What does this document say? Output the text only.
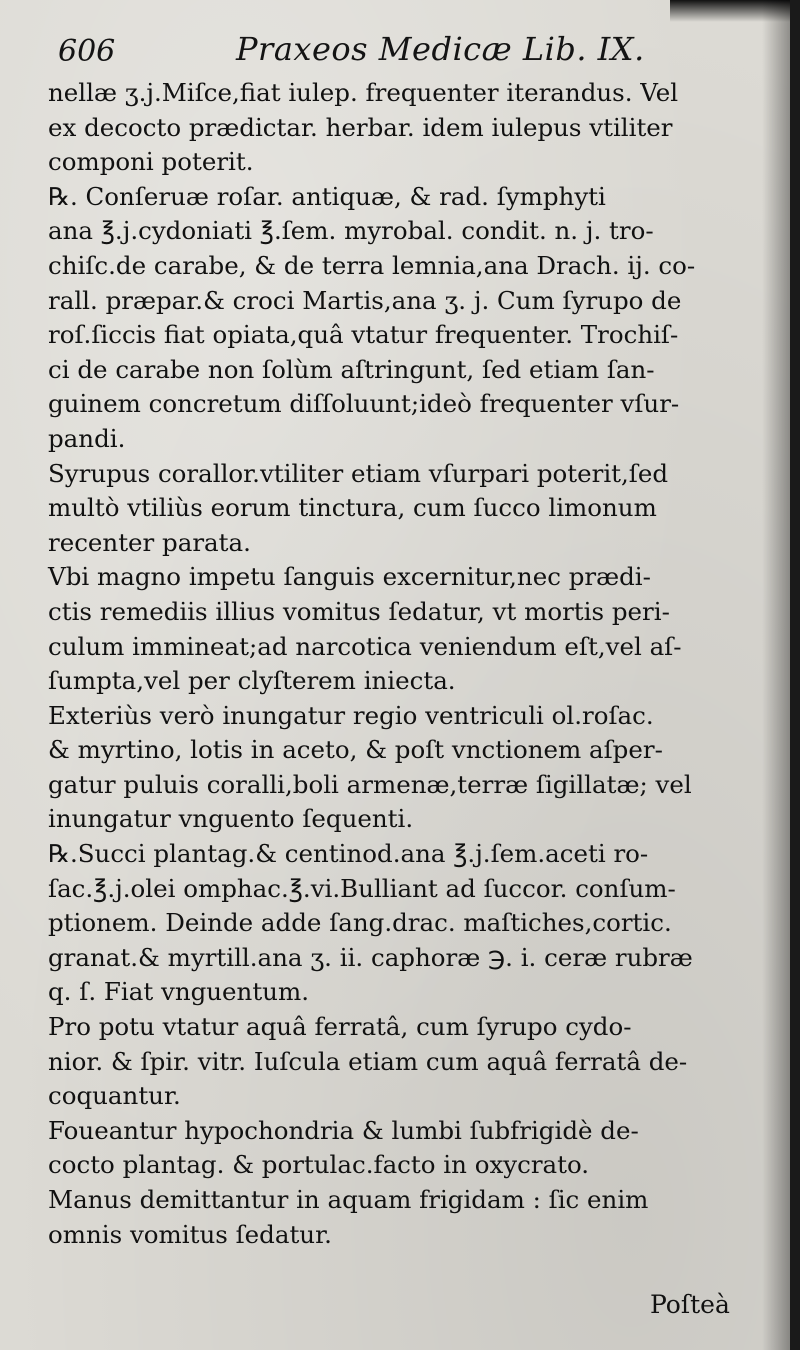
606	Praxeos Medicæ Lib. IX.
nellæ ʒ.j.Miſce,fiat iulep. frequenter iterandus. Vel
ex decocto prædictar. herbar. idem iulepus vtiliter
componi poterit.
℞. Conſeruæ roſar. antiquæ, & rad. ſymphyti
ana ℥.j.cydoniati ℥.ſem. myrobal. condit. n. j. tro-
chiſc.de carabe, & de terra lemnia,ana Drach. ij. co-
rall. præpar.& croci Martis,ana ʒ. j. Cum ſyrupo de
roſ.ſiccis fiat opiata,quâ vtatur frequenter. Trochiſ-
ci de carabe non ſolùm aſtringunt, ſed etiam ſan-
guinem concretum diſſoluunt;ideò frequenter vſur-
pandi.
Syrupus corallor.vtiliter etiam vſurpari poterit,ſed
multò vtiliùs eorum tinctura, cum ſucco limonum
recenter parata.
Vbi magno impetu ſanguis excernitur,nec prædi-
ctis remediis illius vomitus ſedatur, vt mortis peri-
culum immineat;ad narcotica veniendum eſt,vel aſ-
ſumpta,vel per clyſterem iniecta.
Exteriùs verò inungatur regio ventriculi ol.roſac.
& myrtino, lotis in aceto, & poſt vnctionem aſper-
gatur puluis coralli,boli armenæ,terræ ſigillatæ; vel
inungatur vnguento ſequenti.
℞.Succi plantag.& centinod.ana ℥.j.ſem.aceti ro-
ſac.℥.j.olei omphac.℥.vi.Bulliant ad ſuccor. conſum-
ptionem. Deinde adde ſang.drac. maſtiches,cortic.
granat.& myrtill.ana ʒ. ii. caphoræ ℈. i. ceræ rubræ
q. ſ. Fiat vnguentum.
Pro potu vtatur aquâ ferratâ, cum ſyrupo cydo-
nior. & ſpir. vitr. Iuſcula etiam cum aquâ ferratâ de-
coquantur.
Foueantur hypochondria & lumbi ſubfrigidè de-
cocto plantag. & portulac.facto in oxycrato.
Manus demittantur in aquam frigidam : ſic enim
omnis vomitus ſedatur.
Poſteà
